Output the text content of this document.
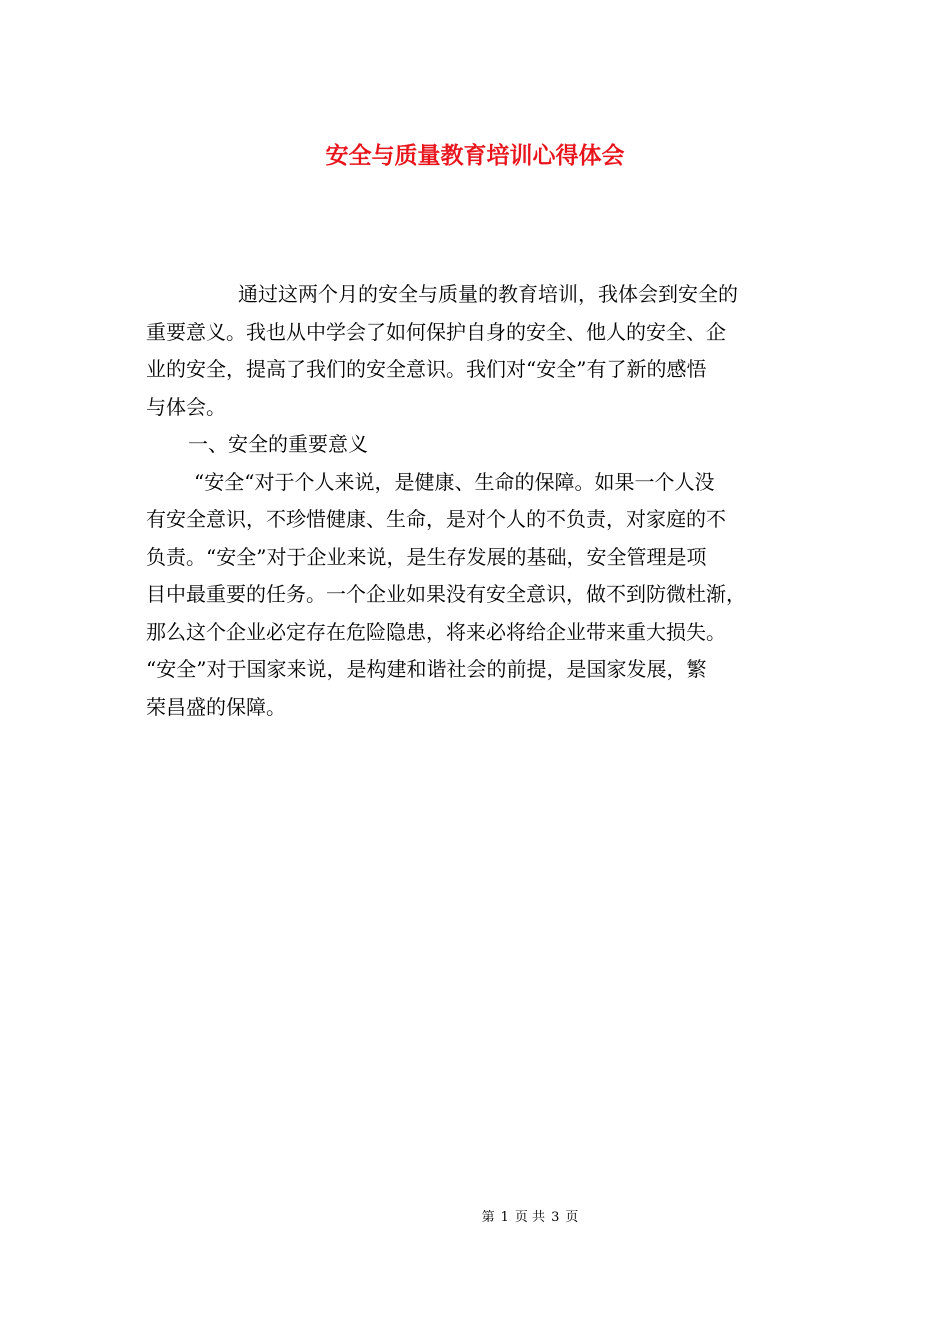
安全与质量教育培训心得体会
通过这两个月的安全与质量的教育培训，我体会到安全的
重要意义。我也从中学会了如何保护自身的安全、他人的安全、企
业的安全，提高了我们的安全意识。我们对“安全”有了新的感悟
与体会。
一、安全的重要意义
“安全“对于个人来说，是健康、生命的保障。如果一个人没
有安全意识，不珍惜健康、生命，是对个人的不负责，对家庭的不
负责。“安全”对于企业来说，是生存发展的基础，安全管理是项
目中最重要的任务。一个企业如果没有安全意识，做不到防微杜渐，
那么这个企业必定存在危险隐患，将来必将给企业带来重大损失。
“安全”对于国家来说，是构建和谐社会的前提，是国家发展，繁
荣昌盛的保障。
第 1 页 共 3 页
